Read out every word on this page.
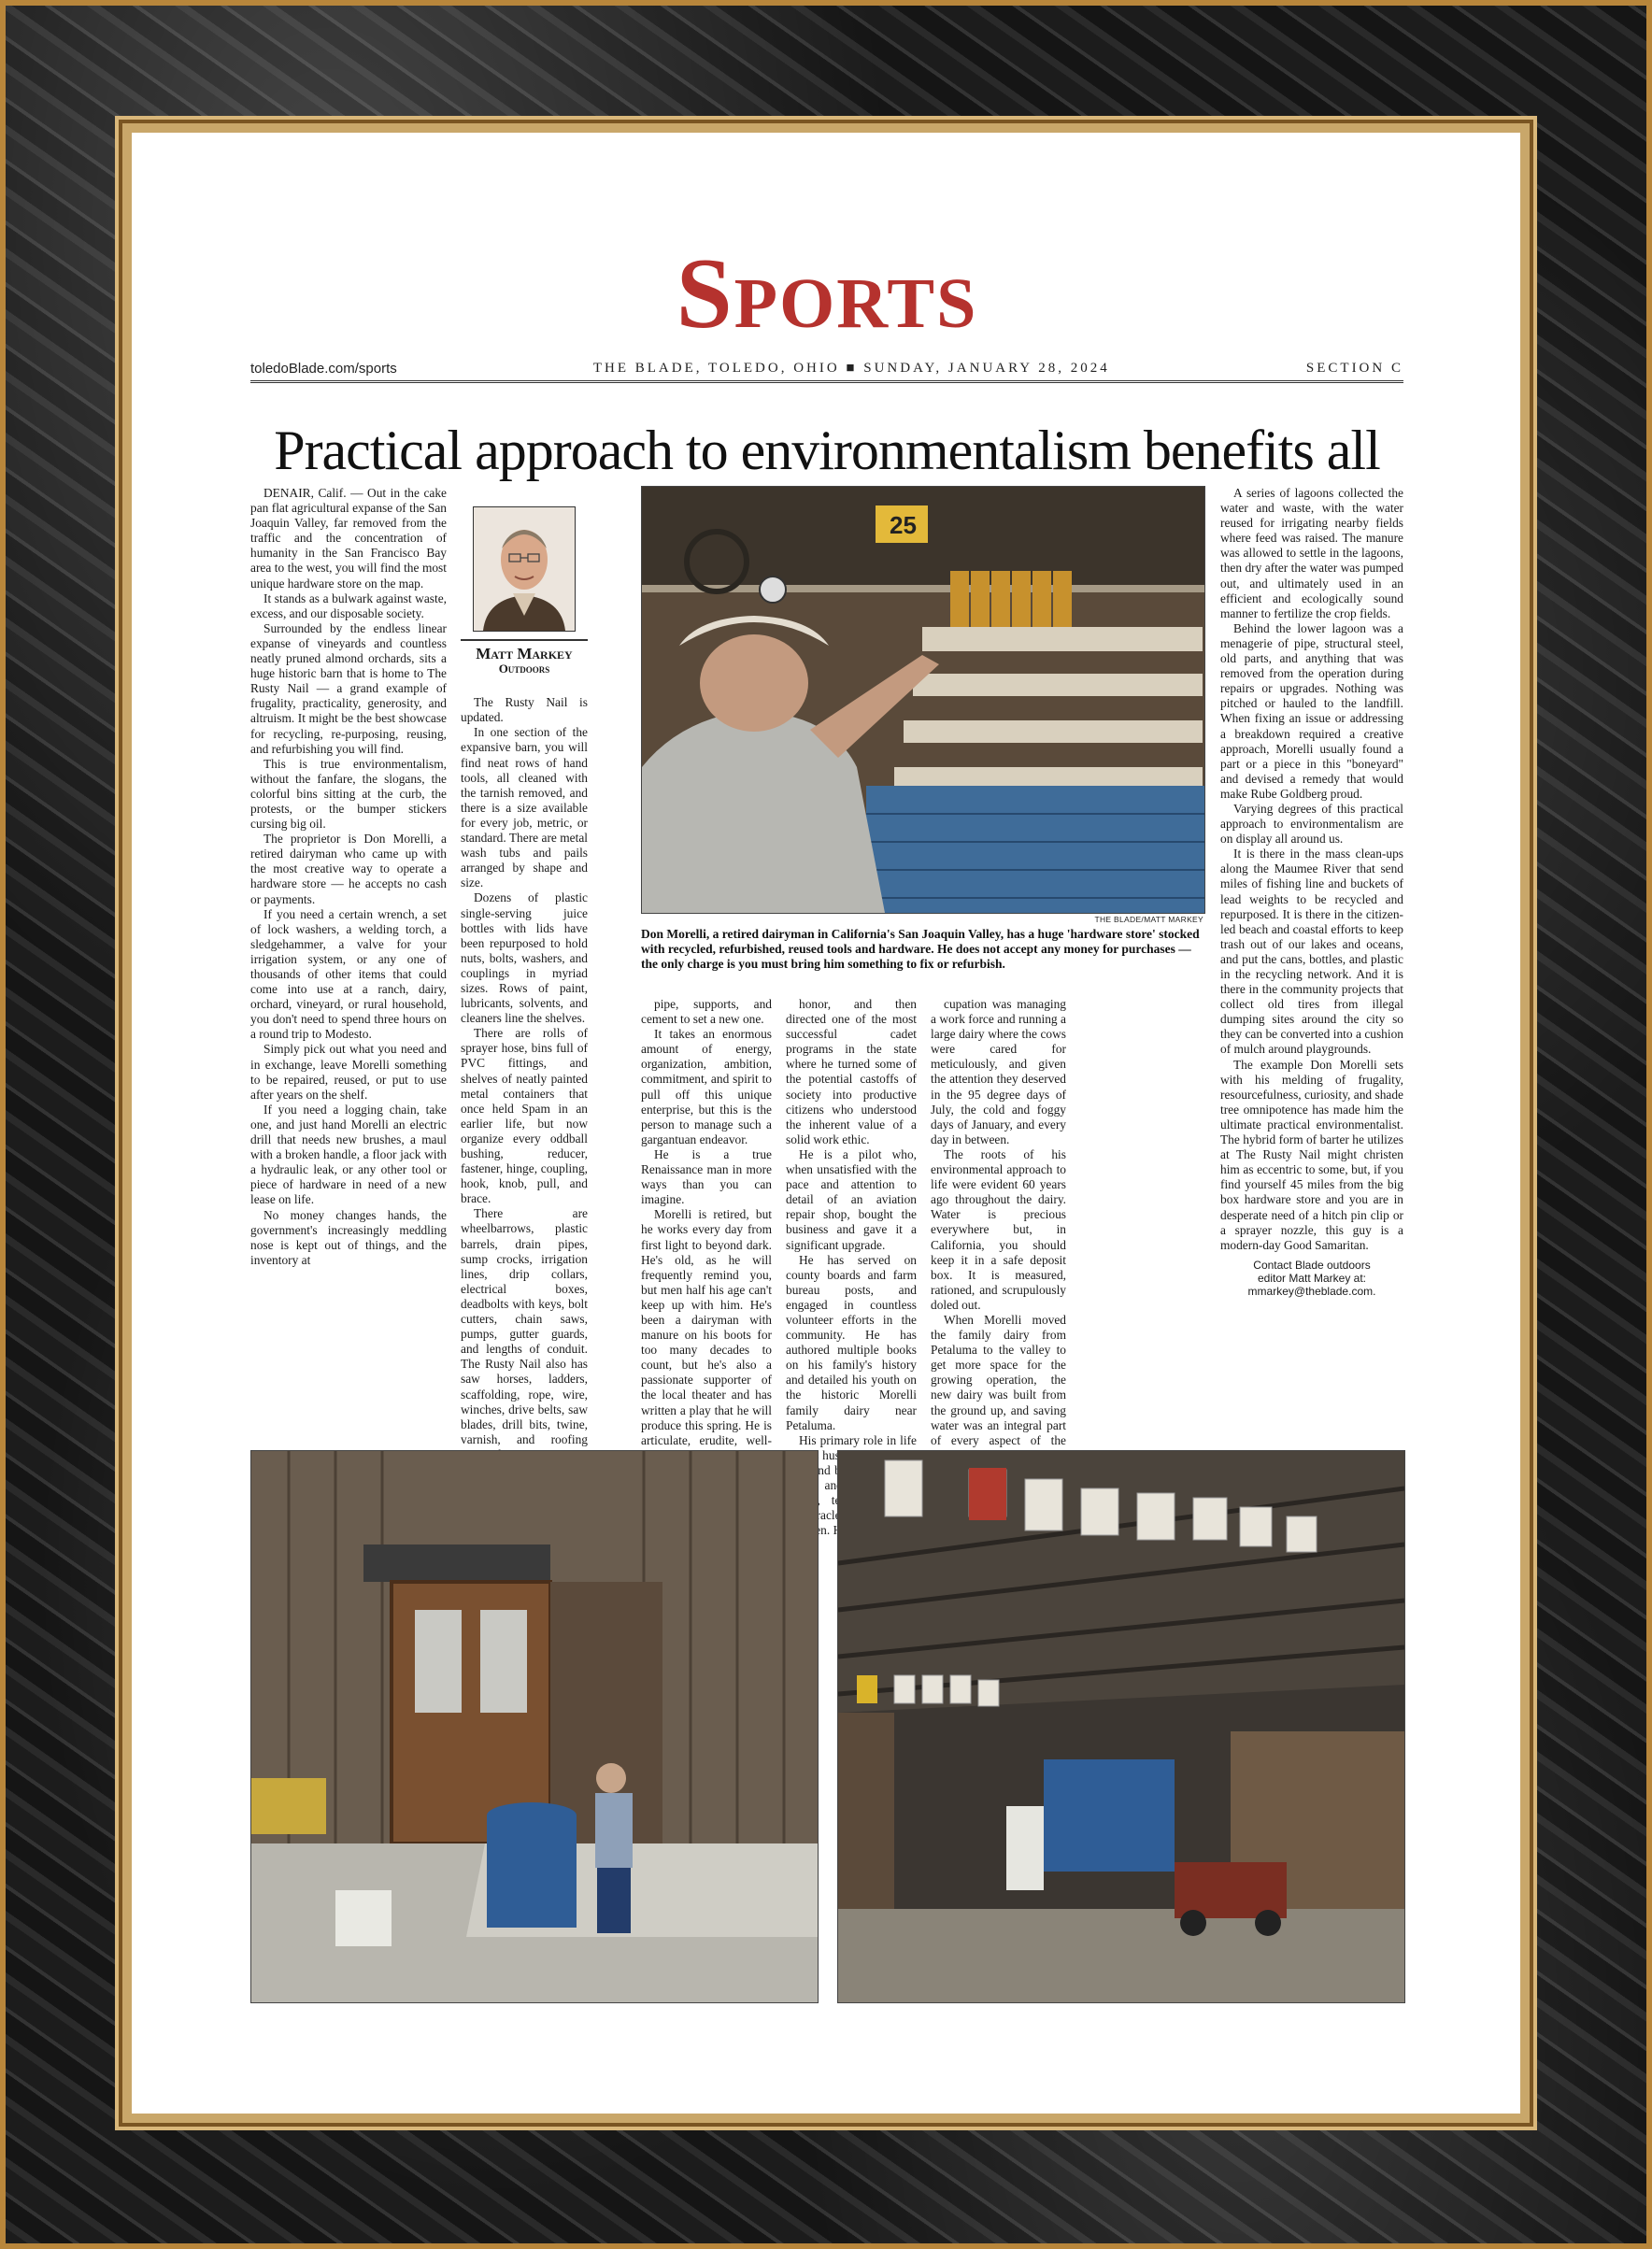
Sports
toledoBlade.com/sports	THE BLADE, TOLEDO, OHIO ■ SUNDAY, JANUARY 28, 2024	SECTION C
Practical approach to environmentalism benefits all

DENAIR, Calif. — Out in the cake pan flat agricultural expanse of the San Joaquin Valley, far removed from the traffic and the concentration of humanity in the San Francisco Bay area to the west, you will find the most unique hardware store on the map.

It stands as a bulwark against waste, excess, and our disposable society.

Surrounded by the endless linear expanse of vineyards and countless neatly pruned almond orchards, sits a huge historic barn that is home to The Rusty Nail — a grand example of frugality, practicality, generosity, and altruism. It might be the best showcase for recycling, re-purposing, reusing, and refurbishing you will find.

This is true environmentalism, without the fanfare, the slogans, the colorful bins sitting at the curb, the protests, or the bumper stickers cursing big oil.

The proprietor is Don Morelli, a retired dairyman who came up with the most creative way to operate a hardware store — he accepts no cash or payments.

If you need a certain wrench, a set of lock washers, a welding torch, a sledgehammer, a valve for your irrigation system, or any one of thousands of other items that could come into use at a ranch, dairy, orchard, vineyard, or rural household, you don't need to spend three hours on a round trip to Modesto.

Simply pick out what you need and in exchange, leave Morelli something to be repaired, reused, or put to use after years on the shelf.

If you need a logging chain, take one, and just hand Morelli an electric drill that needs new brushes, a maul with a broken handle, a floor jack with a hydraulic leak, or any other tool or piece of hardware in need of a new lease on life.

No money changes hands, the government's increasingly meddling nose is kept out of things, and the inventory at

Matt Markey
Outdoors

The Rusty Nail is updated.

In one section of the expansive barn, you will find neat rows of hand tools, all cleaned with the tarnish removed, and there is a size available for every job, metric, or standard. There are metal wash tubs and pails arranged by shape and size.

Dozens of plastic single-serving juice bottles with lids have been repurposed to hold nuts, bolts, washers, and couplings in myriad sizes. Rows of paint, lubricants, solvents, and cleaners line the shelves.

There are rolls of sprayer hose, bins full of PVC fittings, and shelves of neatly painted metal containers that once held Spam in an earlier life, but now organize every oddball bushing, reducer, fastener, hinge, coupling, hook, knob, pull, and brace.

There are wheelbarrows, plastic barrels, drain pipes, sump crocks, irrigation lines, drip collars, electrical boxes, deadbolts with keys, bolt cutters, chain saws, pumps, gutter guards, and lengths of conduit. The Rusty Nail also has saw horses, ladders, scaffolding, rope, wire, winches, drive belts, saw blades, drill bits, twine, varnish, and roofing

25
THE BLADE/MATT MARKEY
Don Morelli, a retired dairyman in California's San Joaquin Valley, has a huge 'hardware store' stocked with recycled, refurbished, reused tools and hardware. He does not accept any money for purchases — the only charge is you must bring him something to fix or refurbish.

pipe, supports, and cement to set a new one.

It takes an enormous amount of energy, organization, ambition, commitment, and spirit to pull off this unique enterprise, but this is the person to manage such a gargantuan endeavor.

He is a true Renaissance man in more ways than you can imagine.

Morelli is retired, but he works every day from first light to beyond dark. He's old, as he will frequently remind you, but men half his age can't keep up with him. He's been a dairyman with manure on his boots for too many decades to count, but he's also a passionate supporter of the local theater and has written a play that he will produce this spring. He is articulate, erudite, well-

honor, and then directed one of the most successful cadet programs in the state where he turned some of the potential castoffs of society into productive citizens who understood the inherent value of a solid work ethic.

He is a pilot who, when unsatisfied with the pace and attention to detail of an aviation repair shop, bought the business and gave it a significant upgrade.

He has served on county boards and farm bureau posts, and engaged in countless volunteer efforts in the community. He has authored multiple books on his family's history and detailed his youth on the historic Morelli family dairy near Petaluma.

His primary role in life and and oracle

cupation was managing a work force and running a large dairy where the cows were cared for meticulously, and given the attention they deserved in the 95 degree days of July, the cold and foggy days of January, and every day in between.

The roots of his environmental approach to life were evident 60 years ago throughout the dairy. Water is precious everywhere but, in California, you should keep it in a safe deposit box. It is measured, rationed, and scrupulously doled out.

When Morelli moved the family dairy from Petaluma to the valley to get more space for the growing operation, the new dairy was built from the ground up, and saving water was an integral part of every aspect of the

A series of lagoons collected the water and waste, with the water reused for irrigating nearby fields where feed was raised. The manure was allowed to settle in the lagoons, then dry after the water was pumped out, and ultimately used in an efficient and ecologically sound manner to fertilize the crop fields.

Behind the lower lagoon was a menagerie of pipe, structural steel, old parts, and anything that was removed from the operation during repairs or upgrades. Nothing was pitched or hauled to the landfill. When fixing an issue or addressing a breakdown required a creative approach, Morelli usually found a part or a piece in this "boneyard" and devised a remedy that would make Rube Goldberg proud.

Varying degrees of this practical approach to environmentalism are on display all around us.

It is there in the mass clean-ups along the Maumee River that send miles of fishing line and buckets of lead weights to be recycled and repurposed. It is there in the citizen-led beach and coastal efforts to keep trash out of our lakes and oceans, and put the cans, bottles, and plastic in the recycling network. And it is there in the community projects that collect old tires from illegal dumping sites around the city so they can be converted into a cushion of mulch around playgrounds.

The example Don Morelli sets with his melding of frugality, resourcefulness, curiosity, and shade tree omnipotence has made him the ultimate practical environmentalist. The hybrid form of barter he utilizes at The Rusty Nail might christen him as eccentric to some, but, if you find yourself 45 miles from the big box hardware store and you are in desperate need of a hitch pin clip or a sprayer nozzle, this guy is a modern-day Good Samaritan.

Contact Blade outdoors
editor Matt Markey at:
mmarkey@theblade.com.
